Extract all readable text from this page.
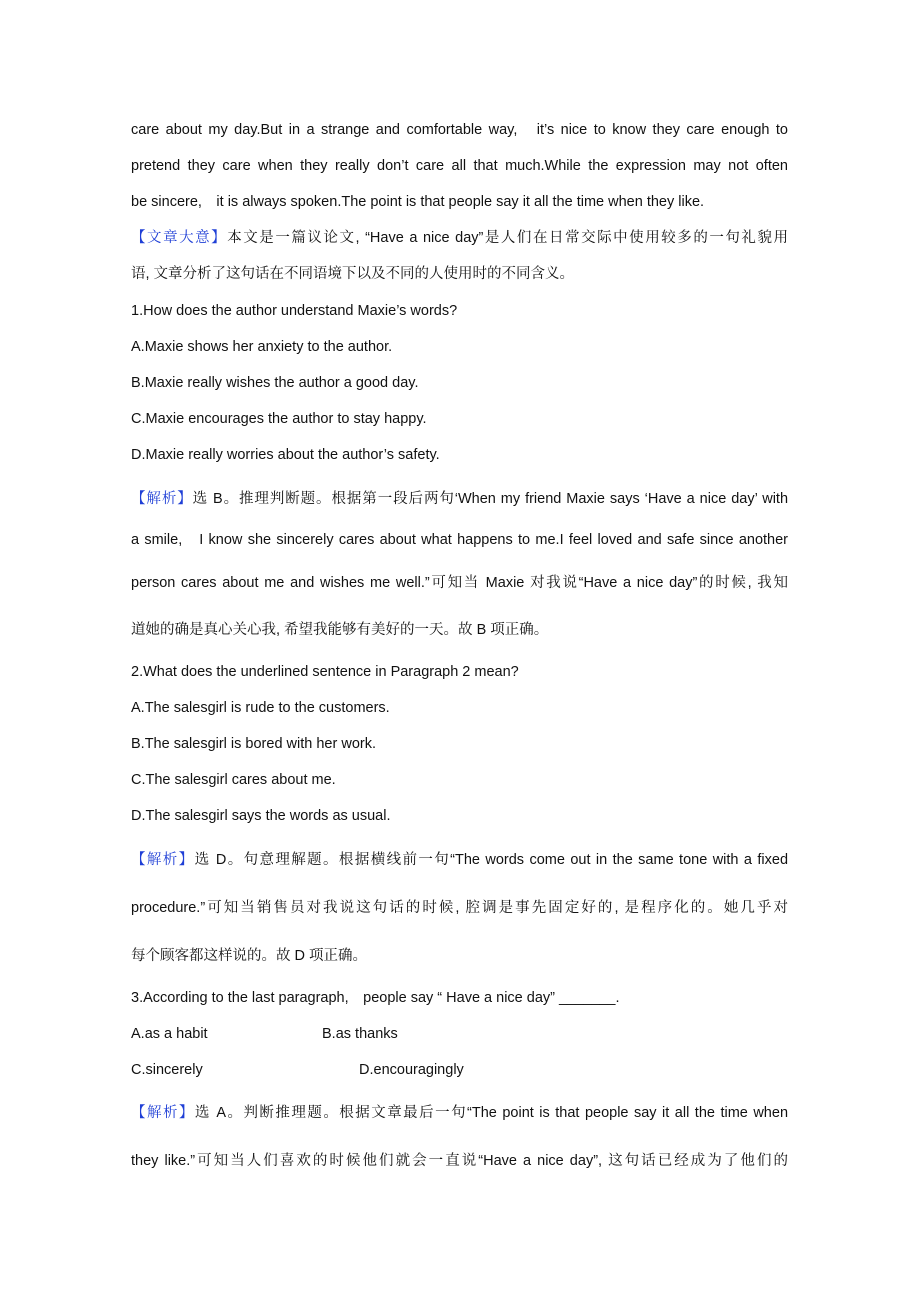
care about my day.But in a strange and comfortable way,　it’s nice to know they care enough to
pretend they care when they really don’t care all that much.While the expression may not often
be sincere,　it is always spoken.The point is that people say it all the time when they like.
【文章大意】本文是一篇议论文, “Have a nice day”是人们在日常交际中使用较多的一句礼貌用
语, 文章分析了这句话在不同语境下以及不同的人使用时的不同含义。
1.How does the author understand Maxie’s words?
A.Maxie shows her anxiety to the author.
B.Maxie really wishes the author a good day.
C.Maxie encourages the author to stay happy.
D.Maxie really worries about the author’s safety.
【解析】选 B。推理判断题。根据第一段后两句‘When my friend Maxie says ‘Have a nice day’ with
a smile,　I know she sincerely cares about what happens to me.I feel loved and safe since another
person cares about me and wishes me well.”可知当 Maxie 对我说“Have a nice day”的时候, 我知
道她的确是真心关心我, 希望我能够有美好的一天。故 B 项正确。
2.What does the underlined sentence in Paragraph 2 mean?
A.The salesgirl is rude to the customers.
B.The salesgirl is bored with her work.
C.The salesgirl cares about me.
D.The salesgirl says the words as usual.
【解析】选 D。句意理解题。根据横线前一句“The words come out in the same tone with a fixed
procedure.”可知当销售员对我说这句话的时候, 腔调是事先固定好的, 是程序化的。她几乎对
每个顾客都这样说的。故 D 项正确。
3.According to the last paragraph,　people say “ Have a nice day” _______.
A.as a habit	B.as thanks
C.sincerely	D.encouragingly
【解析】选 A。判断推理题。根据文章最后一句“The point is that people say it all the time when
they like.”可知当人们喜欢的时候他们就会一直说“Have a nice day”, 这句话已经成为了他们的
